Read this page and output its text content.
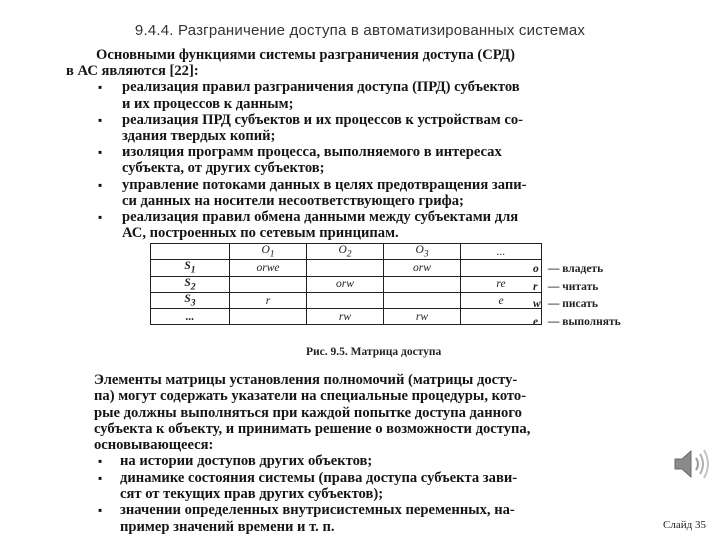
9.4.4. Разграничение доступа в автоматизированных системах
Основными функциями системы разграничения доступа (СРД)
в АС являются [22]:
▪ реализация правил разграничения доступа (ПРД) субъектов
и их процессов к данным;
▪ реализация ПРД субъектов и их процессов к устройствам со-
здания твердых копий;
▪ изоляция программ процесса, выполняемого в интересах
субъекта, от других субъектов;
▪ управление потоками данных в целях предотвращения запи-
си данных на носители несоответствующего грифа;
▪ реализация правил обмена данными между субъектами для
АС, построенных по сетевым принципам.
	$O_1$	$O_2$	$O_3$	...
$S_1$	orwe		orw	
$S_2$		orw		re
$S_3$	r			e
...		rw	rw	
o — владеть
r — читать
w — писать
e — выполнять
Рис. 9.5. Матрица доступа
Элементы матрицы установления полномочий (матрицы досту-
па) могут содержать указатели на специальные процедуры, кото-
рые должны выполняться при каждой попытке доступа данного
субъекта к объекту, и принимать решение о возможности доступа,
основывающееся:
▪ на истории доступов других объектов;
▪ динамике состояния системы (права доступа субъекта зави-
сят от текущих прав других субъектов);
▪ значении определенных внутрисистемных переменных, на-
пример значений времени и т. п.	Слайд 35
